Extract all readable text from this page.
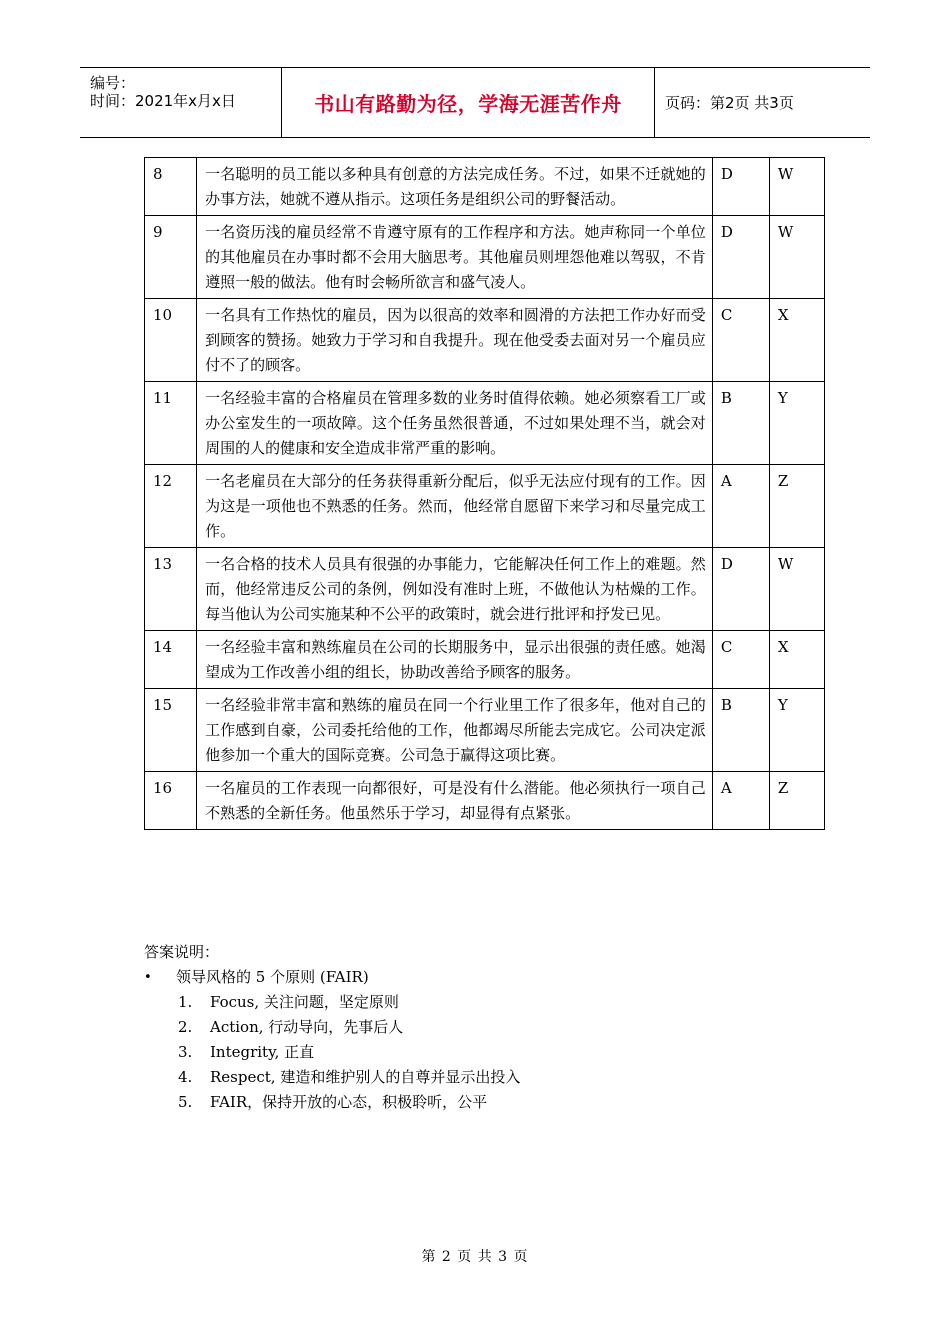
编号：
时间：2021年x月x日	书山有路勤为径，学海无涯苦作舟	页码：第2页 共3页
8	一名聪明的员工能以多种具有创意的方法完成任务。不过，如果不迁就她的办事方法，她就不遵从指示。这项任务是组织公司的野餐活动。	D	W
9	一名资历浅的雇员经常不肯遵守原有的工作程序和方法。她声称同一个单位的其他雇员在办事时都不会用大脑思考。其他雇员则埋怨他难以驾驭，不肯遵照一般的做法。他有时会畅所欲言和盛气凌人。	D	W
10	一名具有工作热忱的雇员，因为以很高的效率和圆滑的方法把工作办好而受到顾客的赞扬。她致力于学习和自我提升。现在他受委去面对另一个雇员应付不了的顾客。	C	X
11	一名经验丰富的合格雇员在管理多数的业务时值得依赖。她必须察看工厂或办公室发生的一项故障。这个任务虽然很普通，不过如果处理不当，就会对周围的人的健康和安全造成非常严重的影响。	B	Y
12	一名老雇员在大部分的任务获得重新分配后，似乎无法应付现有的工作。因为这是一项他也不熟悉的任务。然而，他经常自愿留下来学习和尽量完成工作。	A	Z
13	一名合格的技术人员具有很强的办事能力，它能解决任何工作上的难题。然而，他经常违反公司的条例，例如没有准时上班，不做他认为枯燥的工作。每当他认为公司实施某种不公平的政策时，就会进行批评和抒发已见。	D	W
14	一名经验丰富和熟练雇员在公司的长期服务中，显示出很强的责任感。她渴望成为工作改善小组的组长，协助改善给予顾客的服务。	C	X
15	一名经验非常丰富和熟练的雇员在同一个行业里工作了很多年，他对自己的工作感到自豪，公司委托给他的工作，他都竭尽所能去完成它。公司决定派他参加一个重大的国际竞赛。公司急于赢得这项比赛。	B	Y
16	一名雇员的工作表现一向都很好，可是没有什么潜能。他必须执行一项自己不熟悉的全新任务。他虽然乐于学习，却显得有点紧张。	A	Z
答案说明：
• 领导风格的 5 个原则 (FAIR)
1. Focus, 关注问题，坚定原则
2. Action, 行动导向，先事后人
3. Integrity, 正直
4. Respect, 建造和维护别人的自尊并显示出投入
5. FAIR，保持开放的心态，积极聆听，公平
第 2 页 共 3 页
